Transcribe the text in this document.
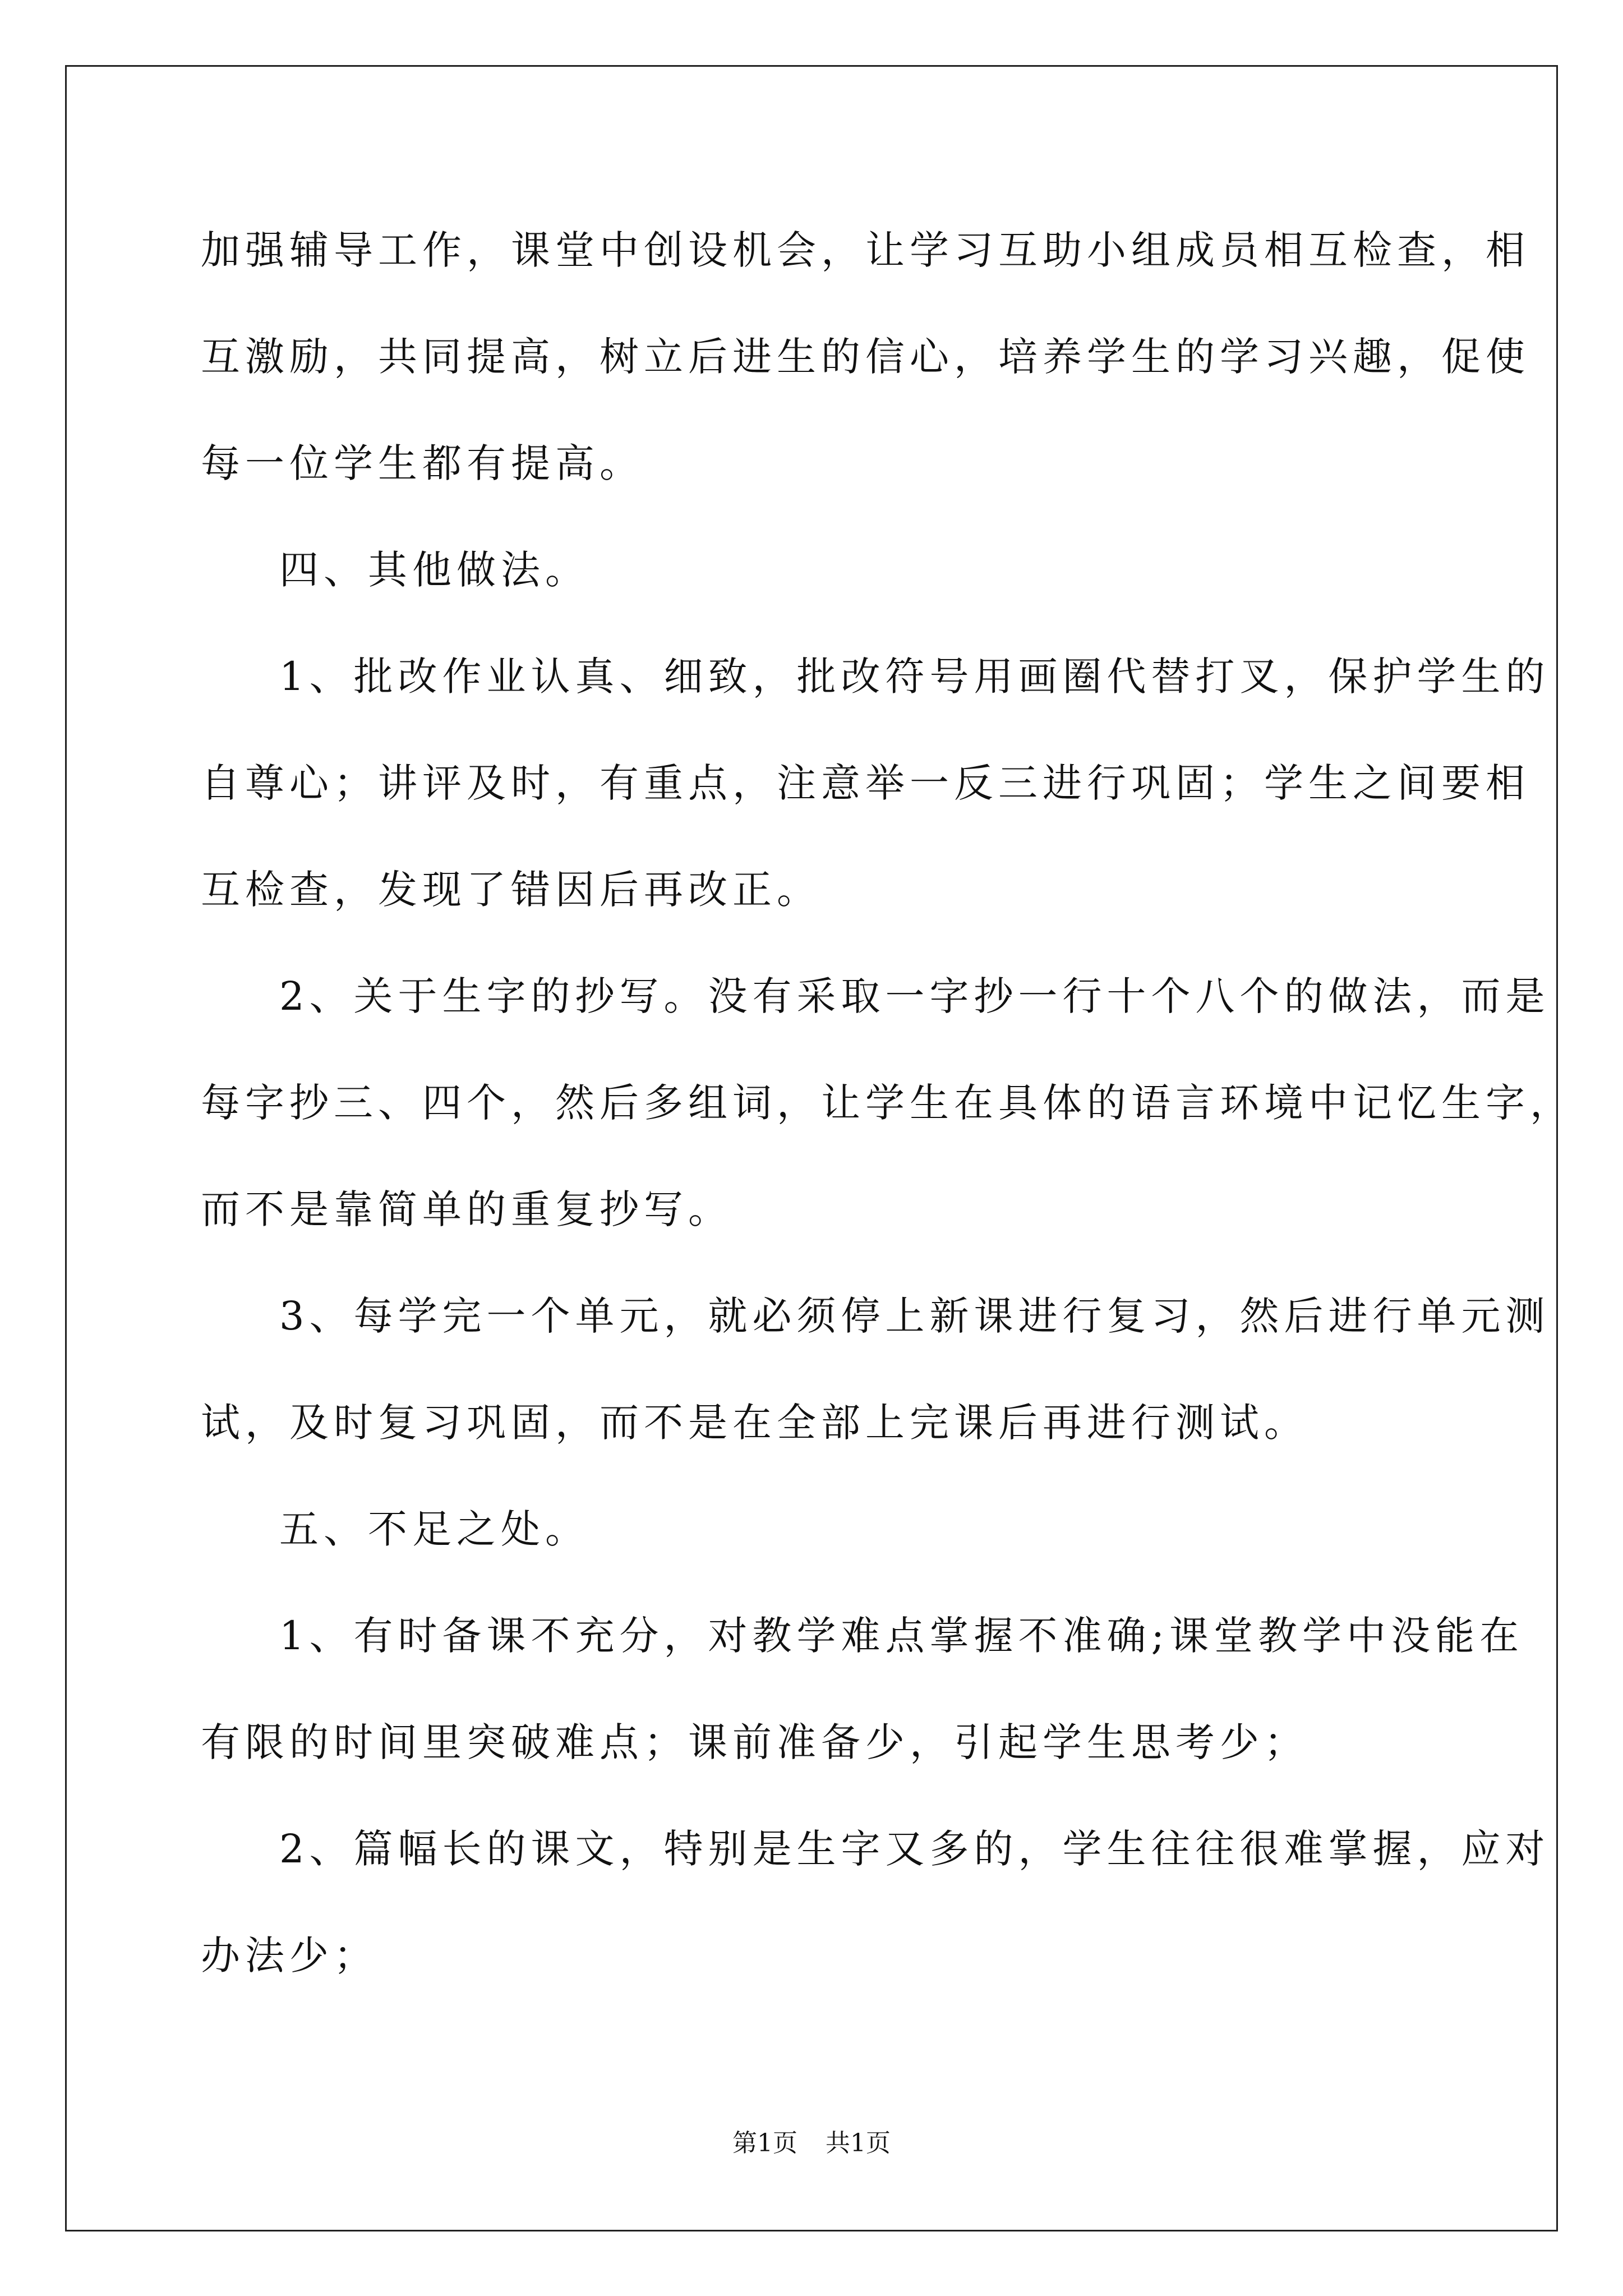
加强辅导工作，课堂中创设机会，让学习互助小组成员相互检查，相
互激励，共同提高，树立后进生的信心，培养学生的学习兴趣，促使
每一位学生都有提高。
四、其他做法。
1、批改作业认真、细致，批改符号用画圈代替打叉，保护学生的
自尊心；讲评及时，有重点，注意举一反三进行巩固；学生之间要相
互检查，发现了错因后再改正。
2、关于生字的抄写。没有采取一字抄一行十个八个的做法，而是
每字抄三、四个，然后多组词，让学生在具体的语言环境中记忆生字，
而不是靠简单的重复抄写。
3、每学完一个单元，就必须停上新课进行复习，然后进行单元测
试，及时复习巩固，而不是在全部上完课后再进行测试。
五、不足之处。
1、有时备课不充分，对教学难点掌握不准确;课堂教学中没能在
有限的时间里突破难点；课前准备少，引起学生思考少；
2、篇幅长的课文，特别是生字又多的，学生往往很难掌握，应对
办法少；
第1页 共1页
